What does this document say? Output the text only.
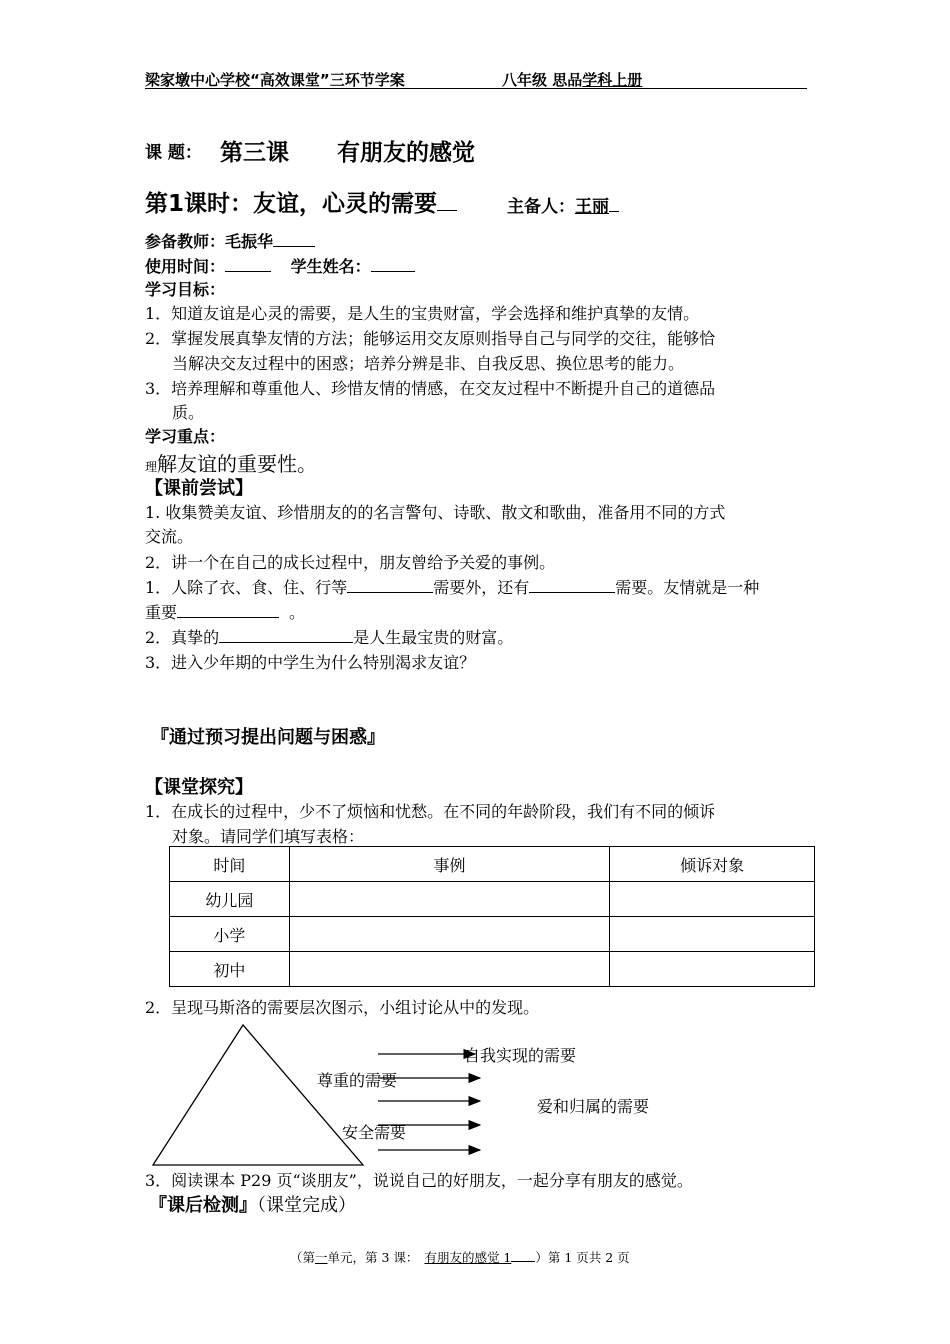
梁家墩中心学校“高效课堂”三环节学案	八年级 思品学科上册
课 题： 第三课 有朋友的感觉
第1课时：友谊，心灵的需要	主备人：王丽
参备教师：毛振华
使用时间：	学生姓名：
学习目标：
1．知道友谊是心灵的需要，是人生的宝贵财富，学会选择和维护真挚的友情。
2．掌握发展真挚友情的方法；能够运用交友原则指导自己与同学的交往，能够恰
当解决交友过程中的困惑；培养分辨是非、自我反思、换位思考的能力。
3．培养理解和尊重他人、珍惜友情的情感，在交友过程中不断提升自己的道德品
质。
学习重点：
理解友谊的重要性。
【课前尝试】
1. 收集赞美友谊、珍惜朋友的的名言警句、诗歌、散文和歌曲，准备用不同的方式
交流。
2．讲一个在自己的成长过程中，朋友曾给予关爱的事例。
1．人除了衣、食、住、行等	需要外，还有	需要。友情就是一种
重要	。
2．真挚的	是人生最宝贵的财富。
3．进入少年期的中学生为什么特别渴求友谊？
『通过预习提出问题与困惑』
【课堂探究】
1．在成长的过程中，少不了烦恼和忧愁。在不同的年龄阶段，我们有不同的倾诉
对象。请同学们填写表格：
时间	事例	倾诉对象
幼儿园		
小学		
初中		
2．呈现马斯洛的需要层次图示，小组讨论从中的发现。
自我实现的需要
尊重的需要
爱和归属的需要
安全需要
3．阅读课本 P29 页“谈朋友”，说说自己的好朋友，一起分享有朋友的感觉。
『课后检测』（课堂完成）
（第一单元，第 3 课： 有朋友的感觉 1 ）第 1 页共 2 页
